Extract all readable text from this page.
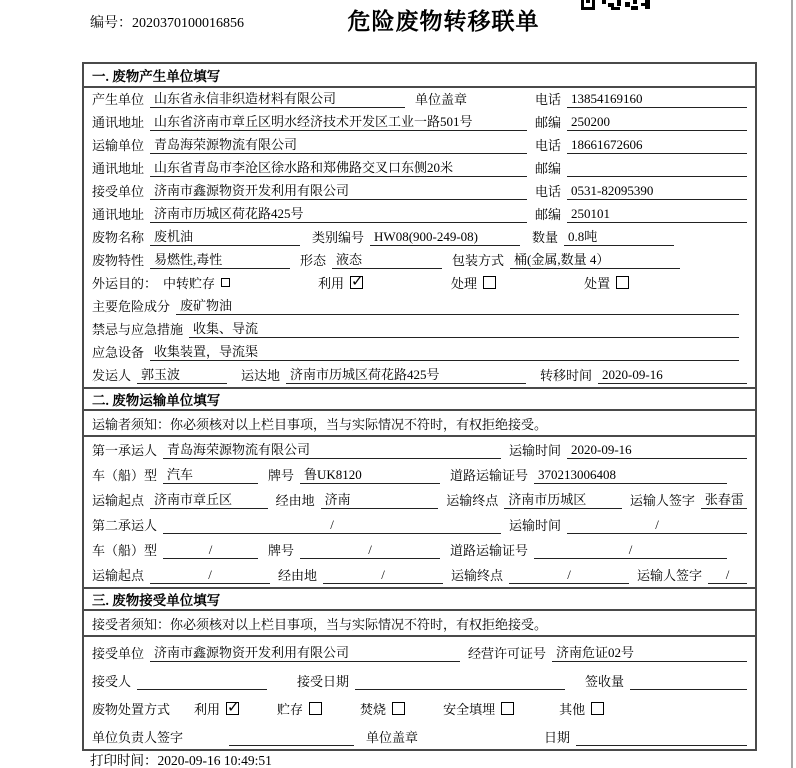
编号：2020370100016856	危险废物转移联单
一. 废物产生单位填写
产生单位 山东省永信非织造材料有限公司	单位盖章	电话 13854169160
通讯地址 山东省济南市章丘区明水经济技术开发区工业一路501号	邮编 250200
运输单位 青岛海荣源物流有限公司	电话 18661672606
通讯地址 山东省青岛市李沧区徐水路和郑佛路交叉口东侧20米	邮编
接受单位 济南市鑫源物资开发利用有限公司	电话 0531-82095390
通讯地址 济南市历城区荷花路425号	邮编 250101
废物名称 废机油	类别编号 HW08(900-249-08)	数量 0.8吨
废物特性 易燃性,毒性	形态 液态	包装方式 桶(金属,数量 4）
外运目的： 中转贮存	利用 ✓	处理	处置
主要危险成分 废矿物油
禁忌与应急措施 收集、导流
应急设备 收集装置，导流渠
发运人 郭玉波	运达地 济南市历城区荷花路425号	转移时间 2020-09-16
二. 废物运输单位填写
运输者须知：你必须核对以上栏目事项，当与实际情况不符时，有权拒绝接受。
第一承运人 青岛海荣源物流有限公司	运输时间 2020-09-16
车（船）型 汽车	牌号 鲁UK8120	道路运输证号 370213006408
运输起点 济南市章丘区	经由地 济南	运输终点 济南市历城区	运输人签字 张春雷
第二承运人	/	运输时间	/
车（船）型	/	牌号	/	道路运输证号	/
运输起点	/	经由地	/	运输终点	/	运输人签字	/
三. 废物接受单位填写
接受者须知：你必须核对以上栏目事项，当与实际情况不符时，有权拒绝接受。
接受单位 济南市鑫源物资开发利用有限公司	经营许可证号 济南危证02号
接受人	接受日期	签收量
废物处置方式 利用 ✓	贮存	焚烧	安全填埋	其他
单位负责人签字	单位盖章	日期
打印时间：2020-09-16 10:49:51
